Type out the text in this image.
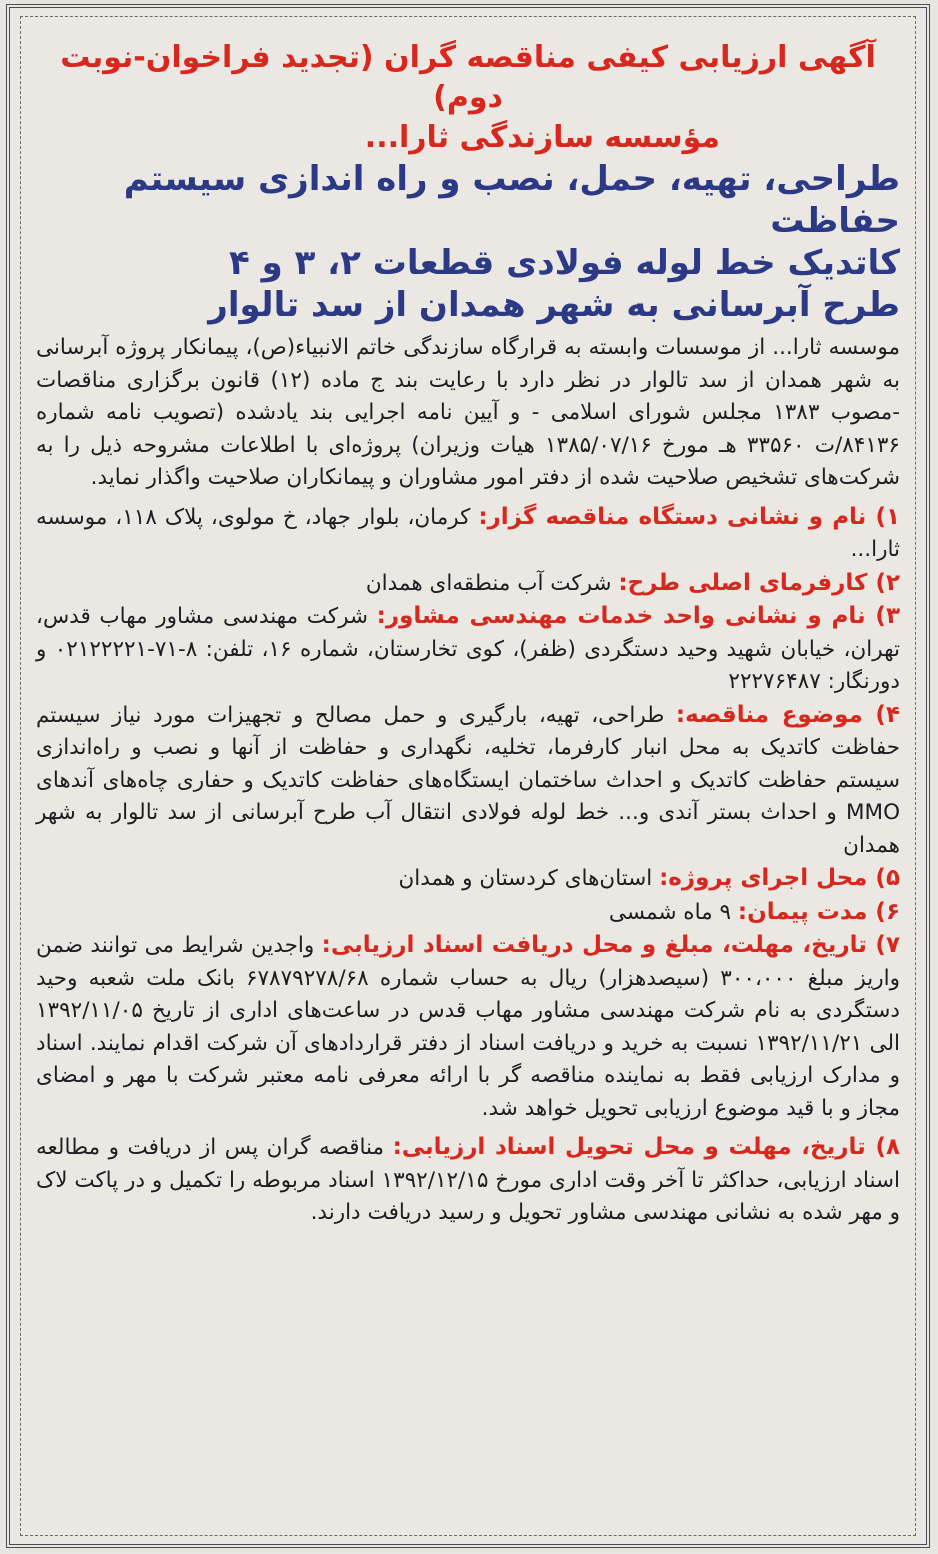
آگهی ارزیابی کیفی مناقصه گران (تجدید فراخوان-نوبت دوم)

مؤسسه سازندگی ثارا...

طراحی، تهیه، حمل، نصب و راه اندازی سیستم حفاظت

کاتدیک خط لوله فولادی قطعات ۲، ۳ و ۴

طرح آبرسانی به شهر همدان از سد تالوار

موسسه ثارا... از موسسات وابسته به قرارگاه سازندگی خاتم الانبیاء(ص)، پیمانکار پروژه آبرسانی به شهر همدان از سد تالوار در نظر دارد با رعایت بند ج ماده (۱۲) قانون برگزاری مناقصات -مصوب ۱۳۸۳ مجلس شورای اسلامی - و آیین نامه اجرایی بند یادشده (تصویب نامه شماره ۸۴۱۳۶/ت ۳۳۵۶۰ هـ مورخ ۱۳۸۵/۰۷/۱۶ هیات وزیران) پروژه‌ای با اطلاعات مشروحه ذیل را به شرکت‌های تشخیص صلاحیت شده از دفتر امور مشاوران و پیمانکاران صلاحیت واگذار نماید.

۱) نام و نشانی دستگاه مناقصه گزار: کرمان، بلوار جهاد، خ مولوی، پلاک ۱۱۸، موسسه ثارا...

۲) کارفرمای اصلی طرح: شرکت آب منطقه‌ای همدان

۳) نام و نشانی واحد خدمات مهندسی مشاور: شرکت مهندسی مشاور مهاب قدس، تهران، خیابان شهید وحید دستگردی (ظفر)، کوی تخارستان، شماره ۱۶، تلفن: ۸-۷۱-۰۲۱۲۲۲۲۱ و دورنگار: ۲۲۲۷۶۴۸۷

۴) موضوع مناقصه: طراحی، تهیه، بارگیری و حمل مصالح و تجهیزات مورد نیاز سیستم حفاظت کاتدیک به محل انبار کارفرما، تخلیه، نگهداری و حفاظت از آنها و نصب و راه‌اندازی سیستم حفاظت کاتدیک و احداث ساختمان ایستگاه‌های حفاظت کاتدیک و حفاری چاه‌های آندهای MMO و احداث بستر آندی و... خط لوله فولادی انتقال آب طرح آبرسانی از سد تالوار به شهر همدان

۵) محل اجرای پروژه: استان‌های کردستان و همدان

۶) مدت پیمان: ۹ ماه شمسی

۷) تاریخ، مهلت، مبلغ و محل دریافت اسناد ارزیابی: واجدین شرایط می توانند ضمن واریز مبلغ ۳۰۰،۰۰۰ (سیصدهزار) ریال به حساب شماره ۶۷۸۷۹۲۷۸/۶۸ بانک ملت شعبه وحید دستگردی به نام شرکت مهندسی مشاور مهاب قدس در ساعت‌های اداری از تاریخ ۱۳۹۲/۱۱/۰۵ الی ۱۳۹۲/۱۱/۲۱ نسبت به خرید و دریافت اسناد از دفتر قراردادهای آن شرکت اقدام نمایند. اسناد و مدارک ارزیابی فقط به نماینده مناقصه گر با ارائه معرفی نامه معتبر شرکت با مهر و امضای مجاز و با قید موضوع ارزیابی تحویل خواهد شد.

۸) تاریخ، مهلت و محل تحویل اسناد ارزیابی: مناقصه گران پس از دریافت و مطالعه اسناد ارزیابی، حداکثر تا آخر وقت اداری مورخ ۱۳۹۲/۱۲/۱۵ اسناد مربوطه را تکمیل و در پاکت لاک و مهر شده به نشانی مهندسی مشاور تحویل و رسید دریافت دارند.
